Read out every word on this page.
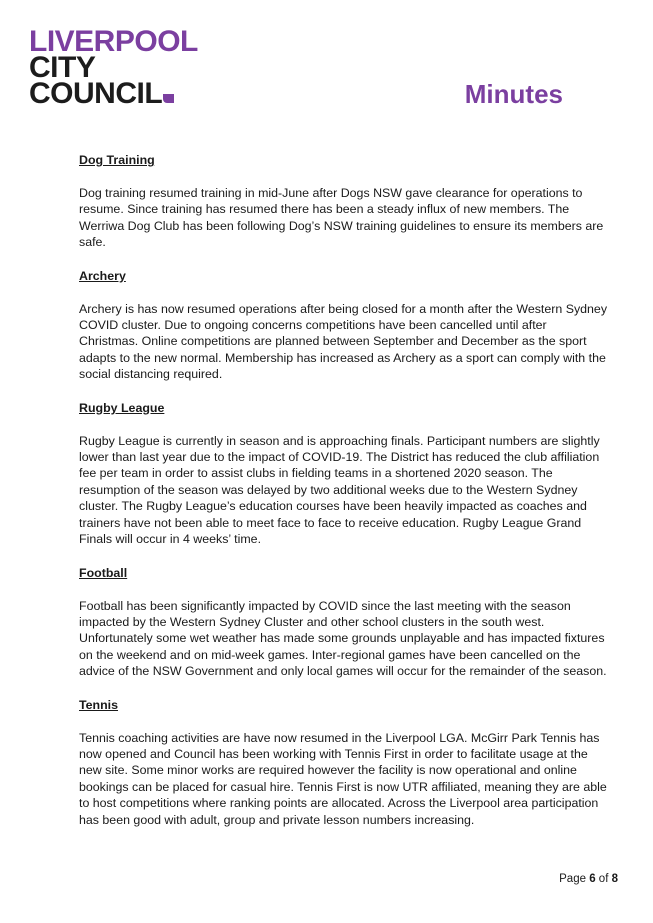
LIVERPOOL
CITY
COUNCIL	Minutes
Dog Training

Dog training resumed training in mid-June after Dogs NSW gave clearance for operations to resume. Since training has resumed there has been a steady influx of new members. The Werriwa Dog Club has been following Dog’s NSW training guidelines to ensure its members are safe.

Archery

Archery is has now resumed operations after being closed for a month after the Western Sydney COVID cluster. Due to ongoing concerns competitions have been cancelled until after Christmas. Online competitions are planned between September and December as the sport adapts to the new normal. Membership has increased as Archery as a sport can comply with the social distancing required.

Rugby League

Rugby League is currently in season and is approaching finals. Participant numbers are slightly lower than last year due to the impact of COVID-19. The District has reduced the club affiliation fee per team in order to assist clubs in fielding teams in a shortened 2020 season. The resumption of the season was delayed by two additional weeks due to the Western Sydney cluster. The Rugby League’s education courses have been heavily impacted as coaches and trainers have not been able to meet face to face to receive education. Rugby League Grand Finals will occur in 4 weeks’ time.

Football

Football has been significantly impacted by COVID since the last meeting with the season impacted by the Western Sydney Cluster and other school clusters in the south west. Unfortunately some wet weather has made some grounds unplayable and has impacted fixtures on the weekend and on mid-week games. Inter-regional games have been cancelled on the advice of the NSW Government and only local games will occur for the remainder of the season.

Tennis

Tennis coaching activities are have now resumed in the Liverpool LGA. McGirr Park Tennis has now opened and Council has been working with Tennis First in order to facilitate usage at the new site. Some minor works are required however the facility is now operational and online bookings can be placed for casual hire. Tennis First is now UTR affiliated, meaning they are able to host competitions where ranking points are allocated. Across the Liverpool area participation has been good with adult, group and private lesson numbers increasing.

Page 6 of 8
